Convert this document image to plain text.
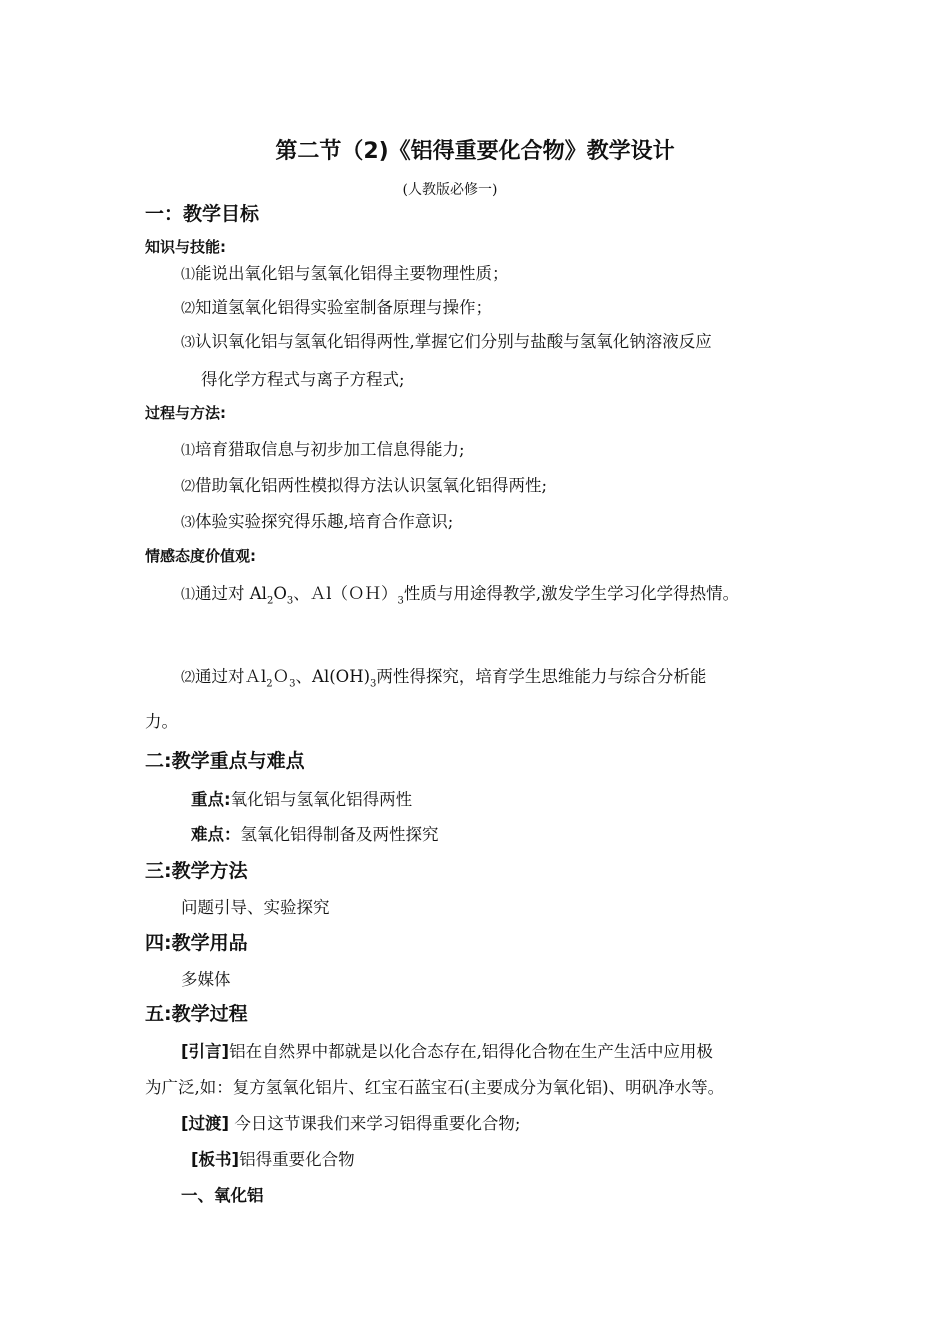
第二节（2)《铝得重要化合物》教学设计
(人教版必修一)
一：教学目标
知识与技能:
⑴能说出氧化铝与氢氧化铝得主要物理性质；
⑵知道氢氧化铝得实验室制备原理与操作；
⑶认识氧化铝与氢氧化铝得两性,掌握它们分别与盐酸与氢氧化钠溶液反应
得化学方程式与离子方程式;
过程与方法:
⑴培育猎取信息与初步加工信息得能力;
⑵借助氧化铝两性模拟得方法认识氢氧化铝得两性;
⑶体验实验探究得乐趣,培育合作意识;
情感态度价值观:
⑴通过对 $Al_2O_3$、$Al(OH)_3$性质与用途得教学,激发学生学习化学得热情。
⑵通过对Ａl$_2$Ｏ$_3$、$Al(OH)_3$两性得探究，培育学生思维能力与综合分析能
力。
二:教学重点与难点
重点:氧化铝与氢氧化铝得两性
难点：氢氧化铝得制备及两性探究
三:教学方法
问题引导、实验探究
四:教学用品
多媒体
五:教学过程
[引言]铝在自然界中都就是以化合态存在,铝得化合物在生产生活中应用极
为广泛,如：复方氢氧化铝片、红宝石蓝宝石(主要成分为氧化铝)、明矾净水等。
[过渡] 今日这节课我们来学习铝得重要化合物;
[板书]铝得重要化合物
一、氧化铝
